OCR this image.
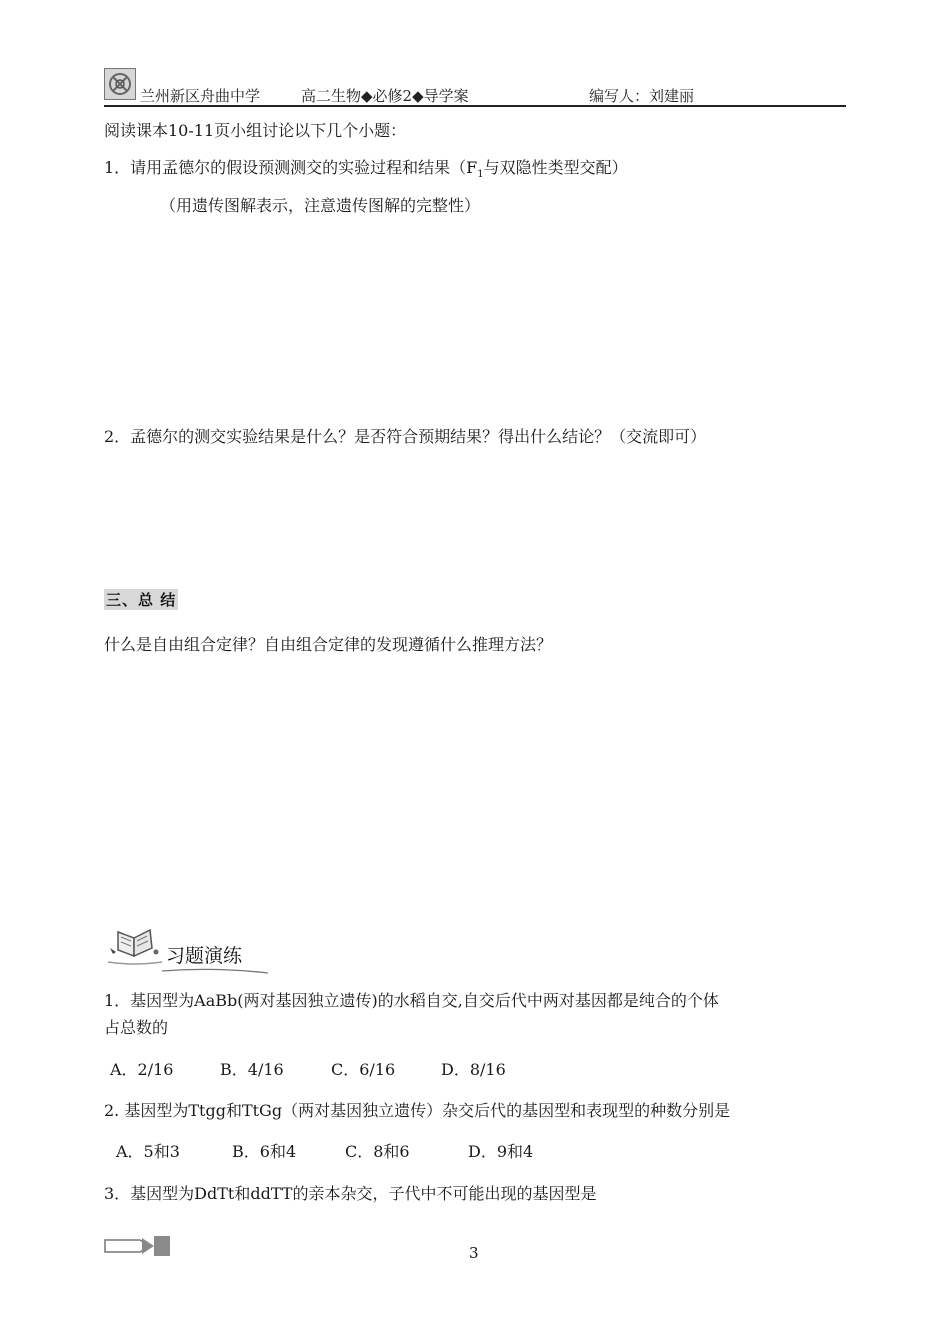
兰州新区舟曲中学	高二生物◆必修2◆导学案	编写人：刘建丽
阅读课本10-11页小组讨论以下几个小题：
1．请用孟德尔的假设预测测交的实验过程和结果（$F_1$与双隐性类型交配）
（用遗传图解表示，注意遗传图解的完整性）
2．孟德尔的测交实验结果是什么？是否符合预期结果？得出什么结论？（交流即可）
三、总 结
什么是自由组合定律？自由组合定律的发现遵循什么推理方法？
习题演练
1．基因型为AaBb(两对基因独立遗传)的水稻自交,自交后代中两对基因都是纯合的个体
占总数的
A．2/16	B．4/16	C．6/16	D．8/16
2. 基因型为Ttgg和TtGg（两对基因独立遗传）杂交后代的基因型和表现型的种数分别是
A．5和3	B．6和4	C．8和6	D．9和4
3．基因型为DdTt和ddTT的亲本杂交，子代中不可能出现的基因型是
3
